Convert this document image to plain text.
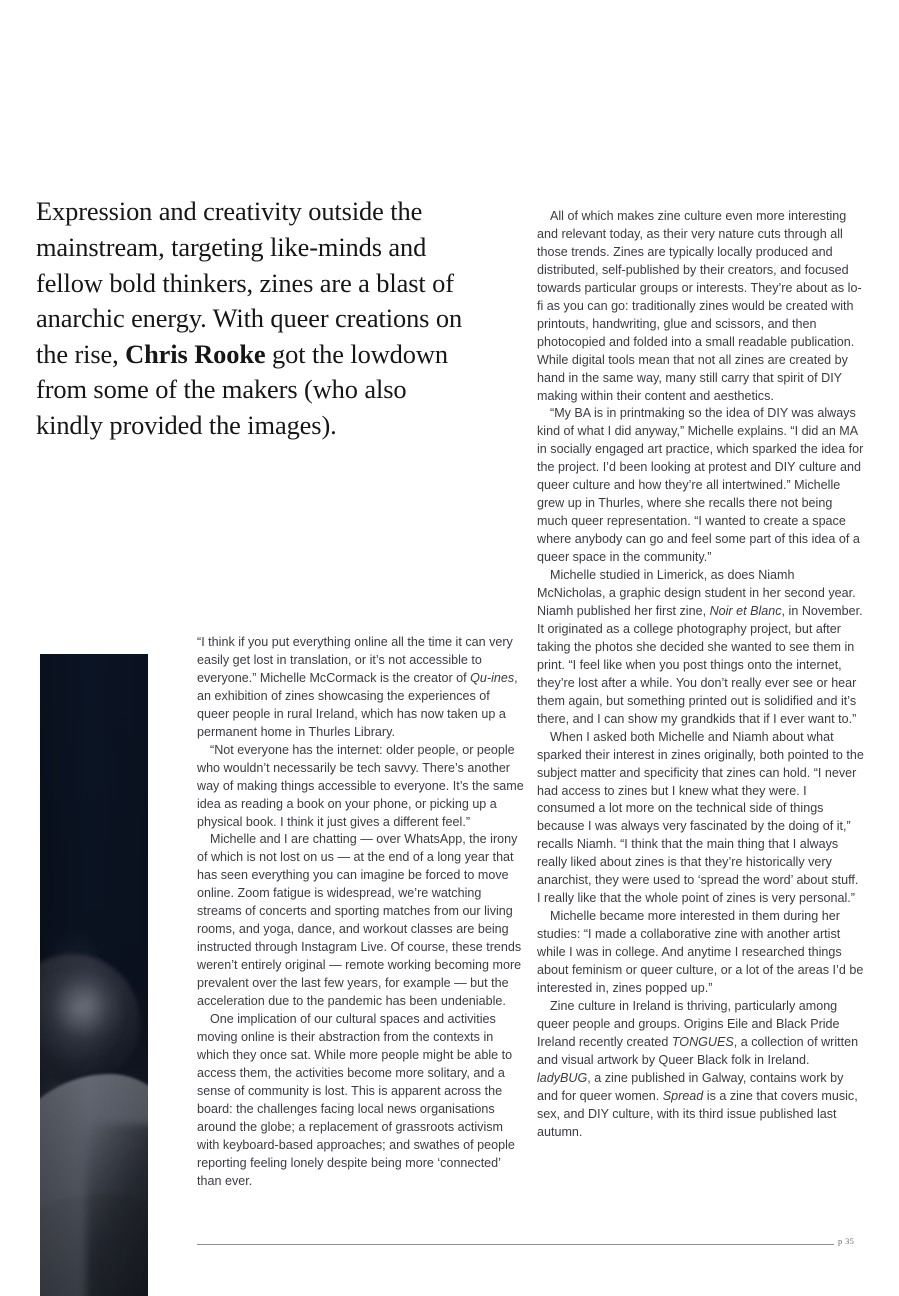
Expression and creativity outside the mainstream, targeting like-minds and fellow bold thinkers, zines are a blast of anarchic energy. With queer creations on the rise, Chris Rooke got the lowdown from some of the makers (who also kindly provided the images).

“I think if you put everything online all the time it can very easily get lost in translation, or it’s not accessible to everyone.” Michelle McCormack is the creator of Qu-ines, an exhibition of zines showcasing the experiences of queer people in rural Ireland, which has now taken up a permanent home in Thurles Library.

“Not everyone has the internet: older people, or people who wouldn’t necessarily be tech savvy. There’s another way of making things accessible to everyone. It’s the same idea as reading a book on your phone, or picking up a physical book. I think it just gives a different feel.”

Michelle and I are chatting — over WhatsApp, the irony of which is not lost on us — at the end of a long year that has seen everything you can imagine be forced to move online. Zoom fatigue is widespread, we’re watching streams of concerts and sporting matches from our living rooms, and yoga, dance, and workout classes are being instructed through Instagram Live. Of course, these trends weren’t entirely original — remote working becoming more prevalent over the last few years, for example — but the acceleration due to the pandemic has been undeniable.

One implication of our cultural spaces and activities moving online is their abstraction from the contexts in which they once sat. While more people might be able to access them, the activities become more solitary, and a sense of community is lost. This is apparent across the board: the challenges facing local news organisations around the globe; a replacement of grassroots activism with keyboard-based approaches; and swathes of people reporting feeling lonely despite being more ‘connected’ than ever.

All of which makes zine culture even more interesting and relevant today, as their very nature cuts through all those trends. Zines are typically locally produced and distributed, self-published by their creators, and focused towards particular groups or interests. They’re about as lo-fi as you can go: traditionally zines would be created with printouts, handwriting, glue and scissors, and then photocopied and folded into a small readable publication. While digital tools mean that not all zines are created by hand in the same way, many still carry that spirit of DIY making within their content and aesthetics.

“My BA is in printmaking so the idea of DIY was always kind of what I did anyway,” Michelle explains. “I did an MA in socially engaged art practice, which sparked the idea for the project. I’d been looking at protest and DIY culture and queer culture and how they’re all intertwined.” Michelle grew up in Thurles, where she recalls there not being much queer representation. “I wanted to create a space where anybody can go and feel some part of this idea of a queer space in the community.”

Michelle studied in Limerick, as does Niamh McNicholas, a graphic design student in her second year. Niamh published her first zine, Noir et Blanc, in November. It originated as a college photography project, but after taking the photos she decided she wanted to see them in print. “I feel like when you post things onto the internet, they’re lost after a while. You don’t really ever see or hear them again, but something printed out is solidified and it’s there, and I can show my grandkids that if I ever want to.”

When I asked both Michelle and Niamh about what sparked their interest in zines originally, both pointed to the subject matter and specificity that zines can hold. “I never had access to zines but I knew what they were. I consumed a lot more on the technical side of things because I was always very fascinated by the doing of it,” recalls Niamh. “I think that the main thing that I always really liked about zines is that they’re historically very anarchist, they were used to ‘spread the word’ about stuff. I really like that the whole point of zines is very personal.”

Michelle became more interested in them during her studies: “I made a collaborative zine with another artist while I was in college. And anytime I researched things about feminism or queer culture, or a lot of the areas I’d be interested in, zines popped up.”

Zine culture in Ireland is thriving, particularly among queer people and groups. Origins Eile and Black Pride Ireland recently created TONGUES, a collection of written and visual artwork by Queer Black folk in Ireland. ladyBUG, a zine published in Galway, contains work by and for queer women. Spread is a zine that covers music, sex, and DIY culture, with its third issue published last autumn.

p 35
